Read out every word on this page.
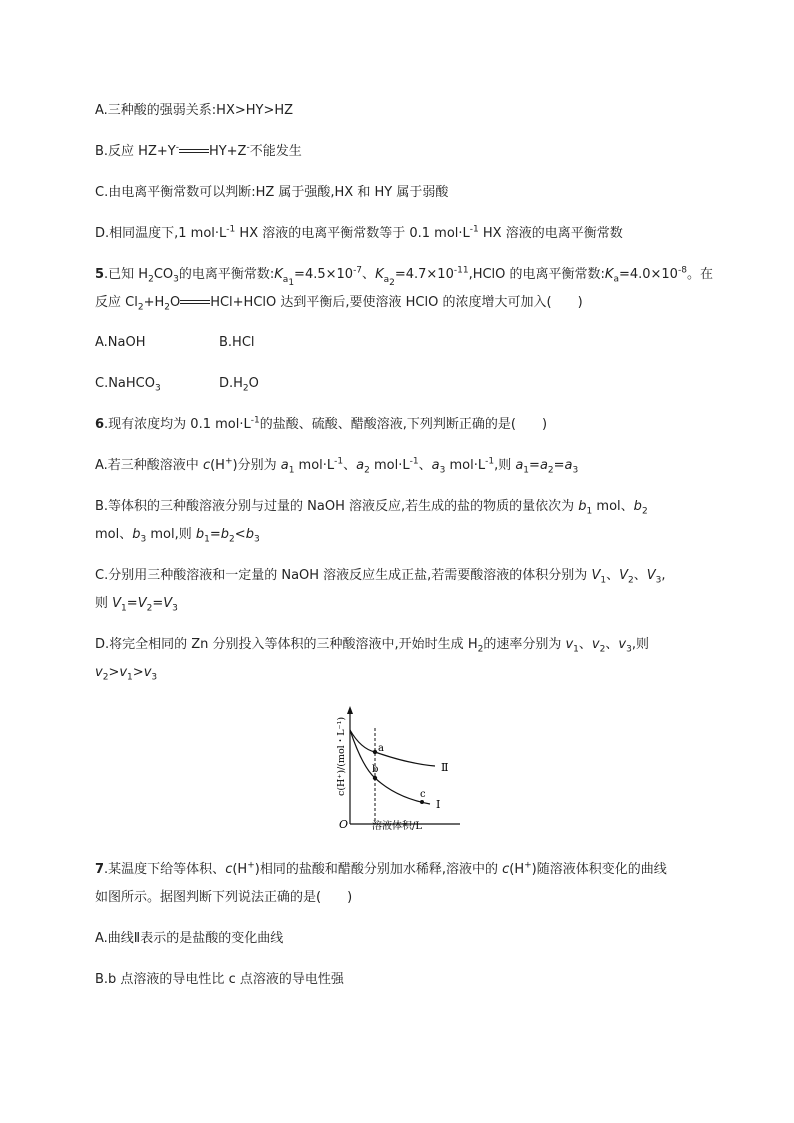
A.三种酸的强弱关系:HX>HY>HZ
B.反应 HZ+Y- HY+Z-不能发生
C.由电离平衡常数可以判断:HZ 属于强酸,HX 和 HY 属于弱酸
D.相同温度下,1 $mol\cdot L^{-1}$ HX 溶液的电离平衡常数等于 0.1 $mol\cdot L^{-1}$ HX 溶液的电离平衡常数
5.已知 $H_2CO_3$的电离平衡常数$:K_{a_1}=4.5\times 10^{-7}$、$K_{a_2}=4.7\times 10^{-11},HClO$ 的电离平衡常数$:K_a=4.0\times 10^{-8}$。在
反应 $Cl_2+H_2O$ HCl+HClO 达到平衡后,要使溶液 HClO 的浓度增大可加入( )
A.NaOH	B.HCl
C.NaHCO$_3$	$D.H_2O$
6.现有浓度均为 0.1 $mol\cdot L^{-1}$的盐酸、硫酸、醋酸溶液,下列判断正确的是( )
A.若三种酸溶液中 c(H+)分别为 $a_1$ $mol\cdot L^{-1}$、$a_2$ $mol\cdot L^{-1}$、$a_3$ $mol\cdot L^{-1}$,则 $a_1=a_2=a_3$
B.等体积的三种酸溶液分别与过量的 NaOH 溶液反应,若生成的盐的物质的量依次为 $b_1$ mol、$b_2$
mol、$b_3$ mol,则 $b_1=b_2<b_3$
C.分别用三种酸溶液和一定量的 NaOH 溶液反应生成正盐,若需要酸溶液的体积分别为 $V_1$、$V_2$、$V_3$,
则 $V_1=V_2=V_3$
D.将完全相同的 Zn 分别投入等体积的三种酸溶液中,开始时生成 $H_2$的速率分别为 $v_1$、$v_2$、$v_3$,则
$v_2>v_1>v_3$
a
b
c
Ⅱ
Ⅰ
O 溶液体积/L
c(H⁺)/(mol・L⁻¹)
7.某温度下给等体积、c(H+)相同的盐酸和醋酸分别加水稀释,溶液中的 c(H+)随溶液体积变化的曲线
如图所示。据图判断下列说法正确的是( )
A.曲线Ⅱ表示的是盐酸的变化曲线
B.b 点溶液的导电性比 c 点溶液的导电性强
